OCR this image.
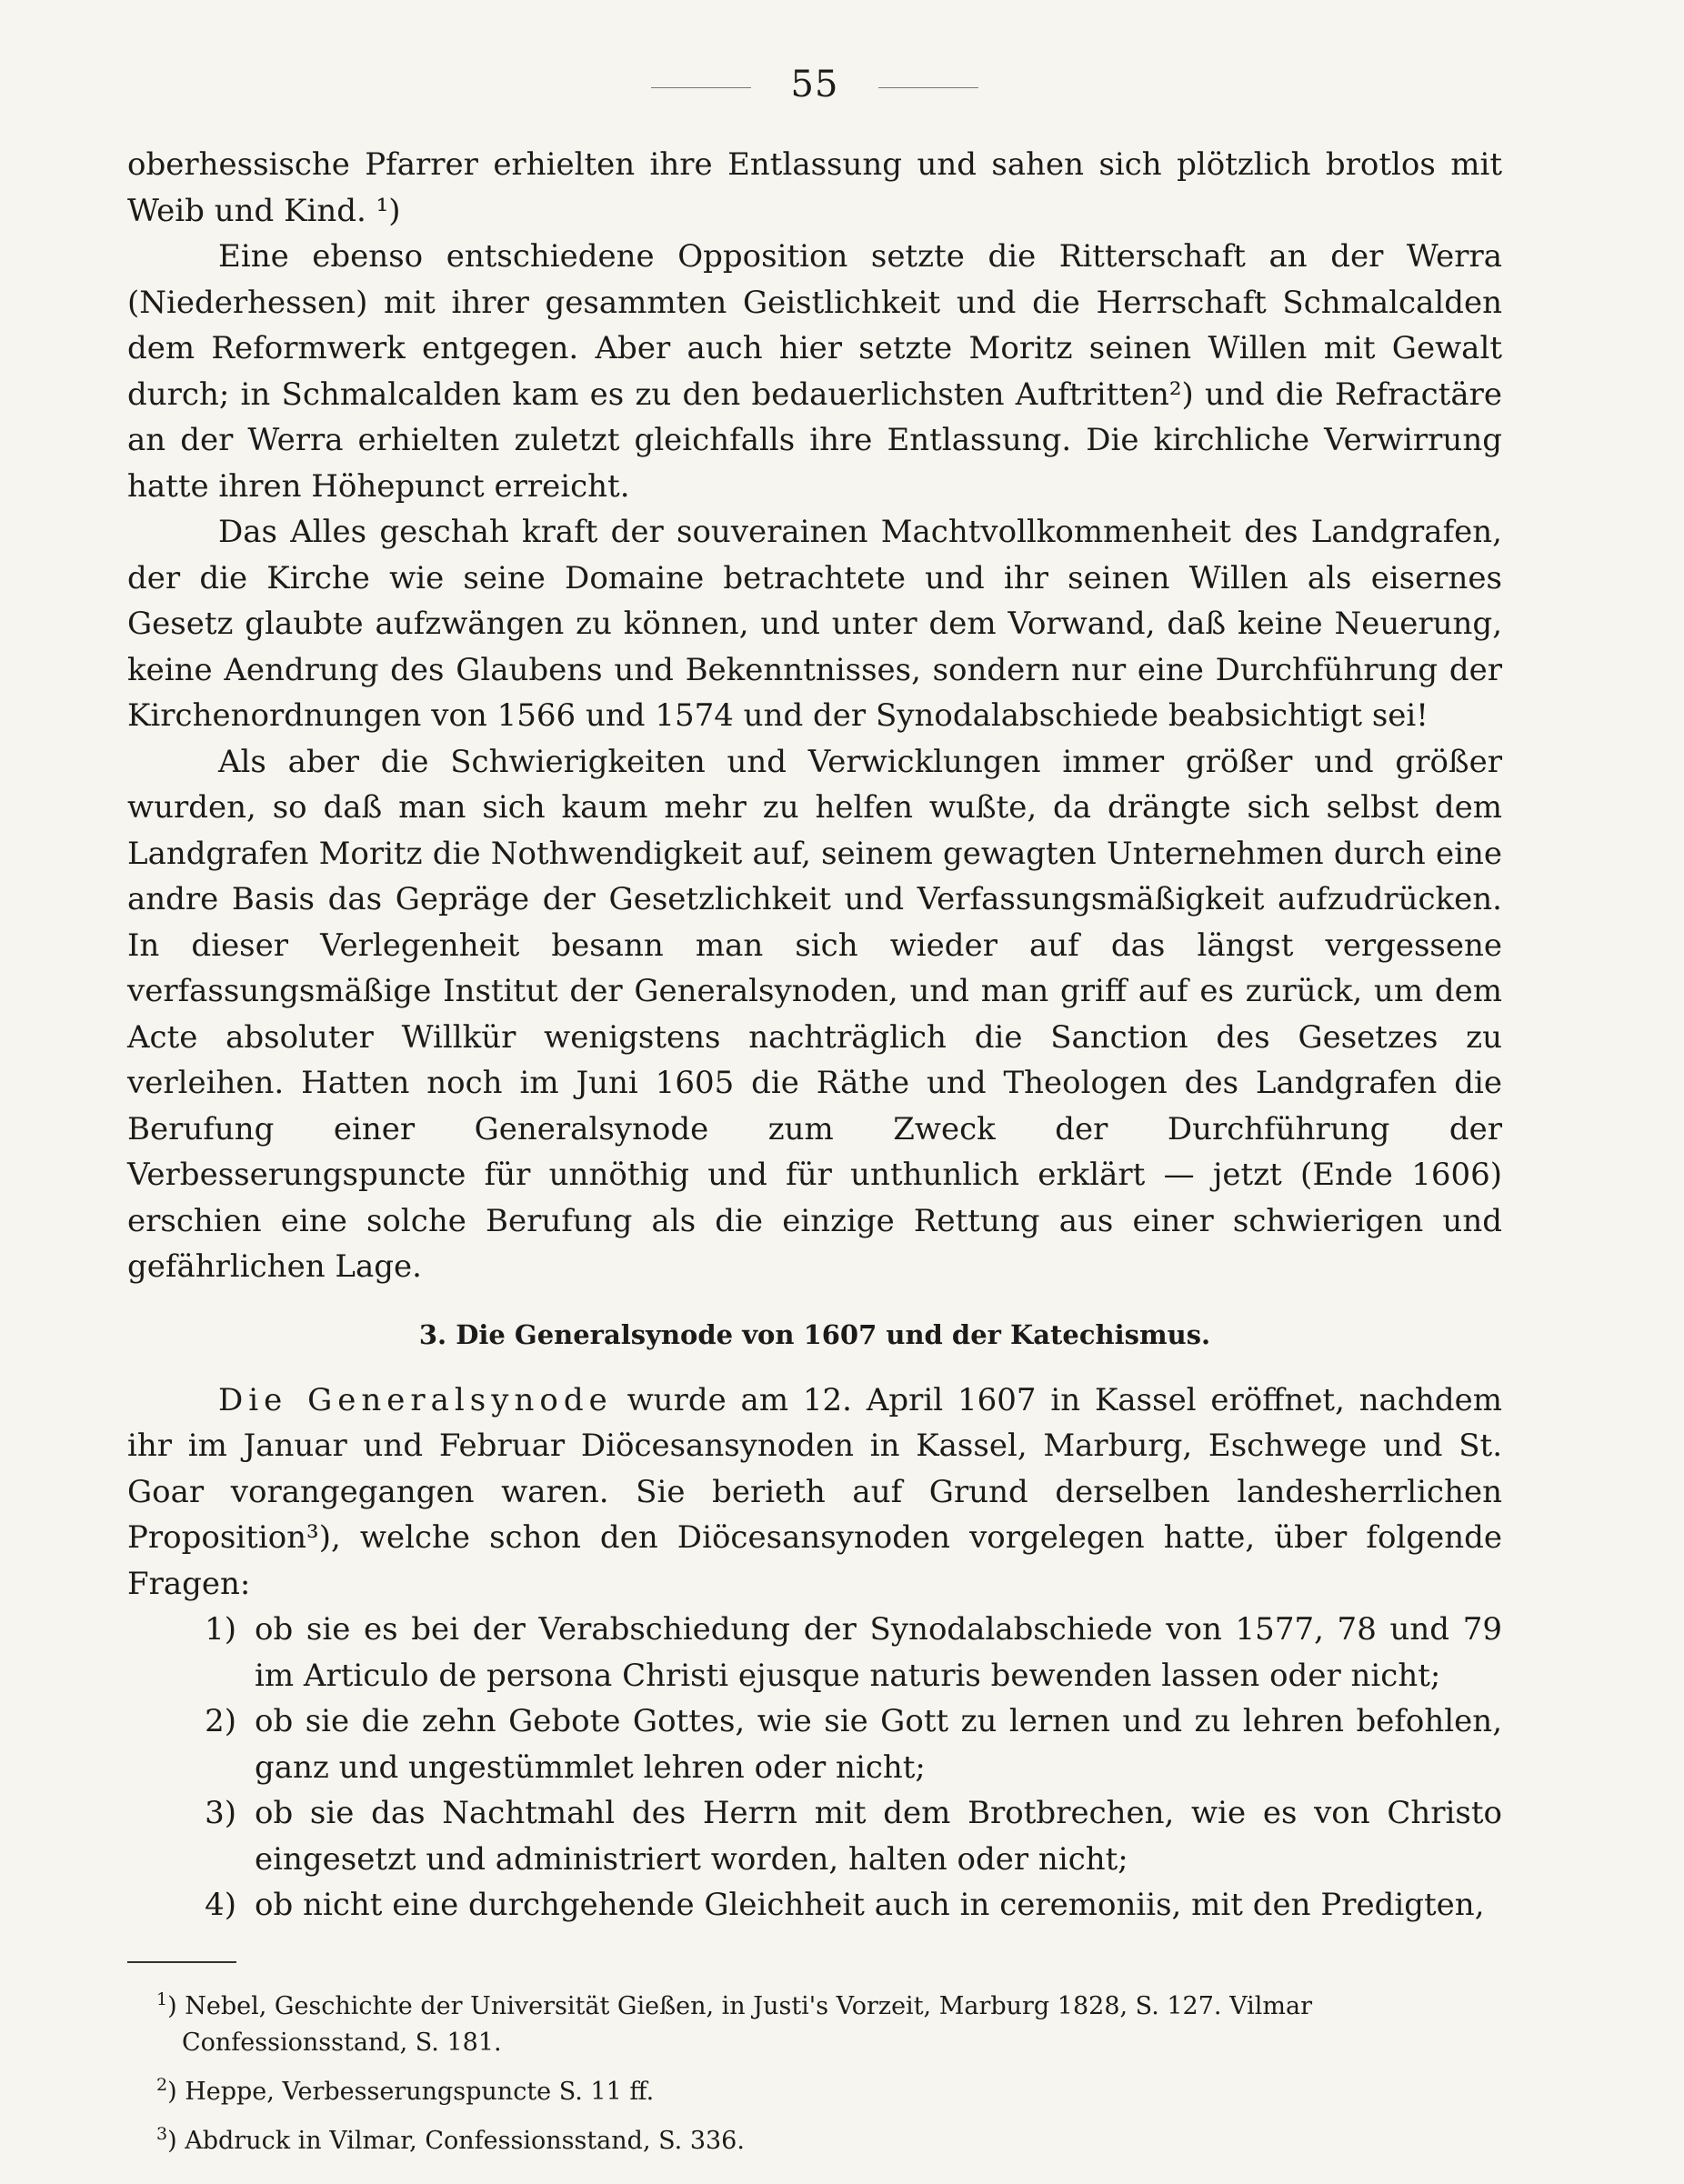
55

oberhessische Pfarrer erhielten ihre Entlassung und sahen sich plötzlich brotlos mit Weib und Kind. ¹)

Eine ebenso entschiedene Opposition setzte die Ritterschaft an der Werra (Niederhessen) mit ihrer gesammten Geistlichkeit und die Herrschaft Schmalcalden dem Reformwerk entgegen. Aber auch hier setzte Moritz seinen Willen mit Gewalt durch; in Schmalcalden kam es zu den bedauerlichsten Auftritten²) und die Refractäre an der Werra erhielten zuletzt gleichfalls ihre Entlassung. Die kirchliche Verwirrung hatte ihren Höhepunct erreicht.

Das Alles geschah kraft der souverainen Machtvollkommenheit des Landgrafen, der die Kirche wie seine Domaine betrachtete und ihr seinen Willen als eisernes Gesetz glaubte aufzwängen zu können, und unter dem Vorwand, daß keine Neuerung, keine Aendrung des Glaubens und Bekenntnisses, sondern nur eine Durchführung der Kirchenordnungen von 1566 und 1574 und der Synodalabschiede beabsichtigt sei!

Als aber die Schwierigkeiten und Verwicklungen immer größer und größer wurden, so daß man sich kaum mehr zu helfen wußte, da drängte sich selbst dem Landgrafen Moritz die Nothwendigkeit auf, seinem gewagten Unternehmen durch eine andre Basis das Gepräge der Gesetzlichkeit und Verfassungsmäßigkeit aufzudrücken. In dieser Verlegenheit besann man sich wieder auf das längst vergessene verfassungsmäßige Institut der Generalsynoden, und man griff auf es zurück, um dem Acte absoluter Willkür wenigstens nachträglich die Sanction des Gesetzes zu verleihen. Hatten noch im Juni 1605 die Räthe und Theologen des Landgrafen die Berufung einer Generalsynode zum Zweck der Durchführung der Verbesserungspuncte für unnöthig und für unthunlich erklärt — jetzt (Ende 1606) erschien eine solche Berufung als die einzige Rettung aus einer schwierigen und gefährlichen Lage.

3. Die Generalsynode von 1607 und der Katechismus.

Die Generalsynode wurde am 12. April 1607 in Kassel eröffnet, nachdem ihr im Januar und Februar Diöcesansynoden in Kassel, Marburg, Eschwege und St. Goar vorangegangen waren. Sie berieth auf Grund derselben landesherrlichen Proposition³), welche schon den Diöcesansynoden vorgelegen hatte, über folgende Fragen:

1) ob sie es bei der Verabschiedung der Synodalabschiede von 1577, 78 und 79 im Articulo de persona Christi ejusque naturis bewenden lassen oder nicht;
2) ob sie die zehn Gebote Gottes, wie sie Gott zu lernen und zu lehren befohlen, ganz und ungestümmlet lehren oder nicht;
3) ob sie das Nachtmahl des Herrn mit dem Brotbrechen, wie es von Christo eingesetzt und administriert worden, halten oder nicht;
4) ob nicht eine durchgehende Gleichheit auch in ceremoniis, mit den Predigten,
$^1$) Nebel, Geschichte der Universität Gießen, in Justi's Vorzeit, Marburg 1828, S. 127. Vilmar Confessionsstand, S. 181.
$^2$) Heppe, Verbesserungspuncte S. 11 ff.
$^3$) Abdruck in Vilmar, Confessionsstand, S. 336.
